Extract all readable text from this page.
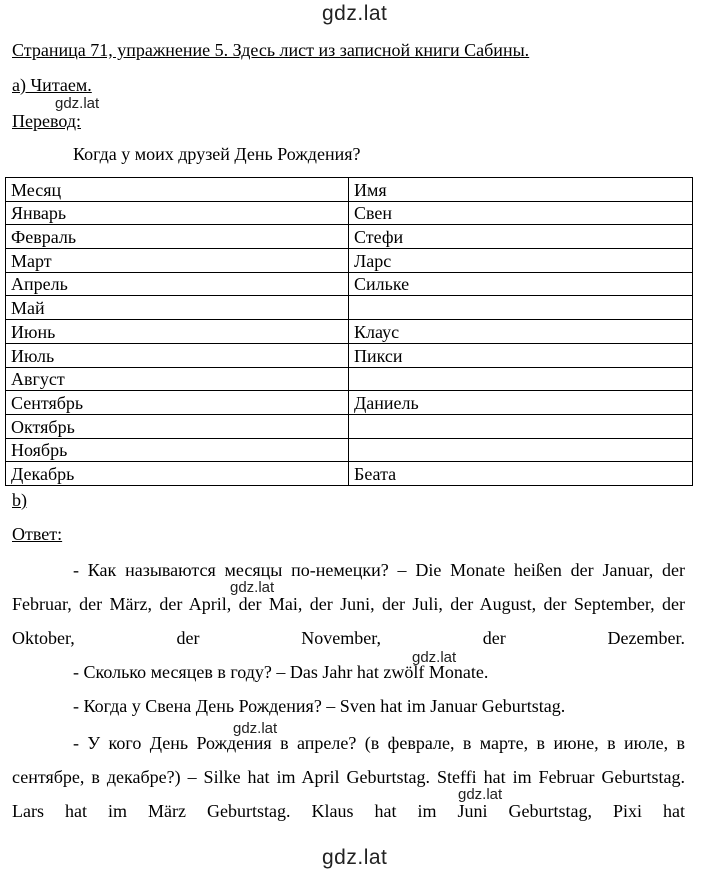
gdz.lat
gdz.lat
gdz.lat
gdz.lat
gdz.lat
gdz.lat
gdz.lat
Страница 71, упражнение 5. Здесь лист из записной книги Сабины.
a) Читаем.
Перевод:
Когда у моих друзей День Рождения?
Месяц	Имя
Январь	Свен
Февраль	Стефи
Март	Ларс
Апрель	Сильке
Май	
Июнь	Клаус
Июль	Пикси
Август	
Сентябрь	Даниель
Октябрь	
Ноябрь	
Декабрь	Беата
b)
Ответ:
- Как называются месяцы по-немецки? – Die Monate heißen der Januar, der Februar, der März, der April, der Mai, der Juni, der Juli, der August, der September, der Oktober, der November, der Dezember.
- Сколько месяцев в году? – Das Jahr hat zwölf Monate.
- Когда у Свена День Рождения? – Sven hat im Januar Geburtstag.
- У кого День Рождения в апреле? (в феврале, в марте, в июне, в июле, в сентябре, в декабре?) – Silke hat im April Geburtstag. Steffi hat im Februar Geburtstag. Lars hat im März Geburtstag. Klaus hat im Juni Geburtstag, Pixi hat
